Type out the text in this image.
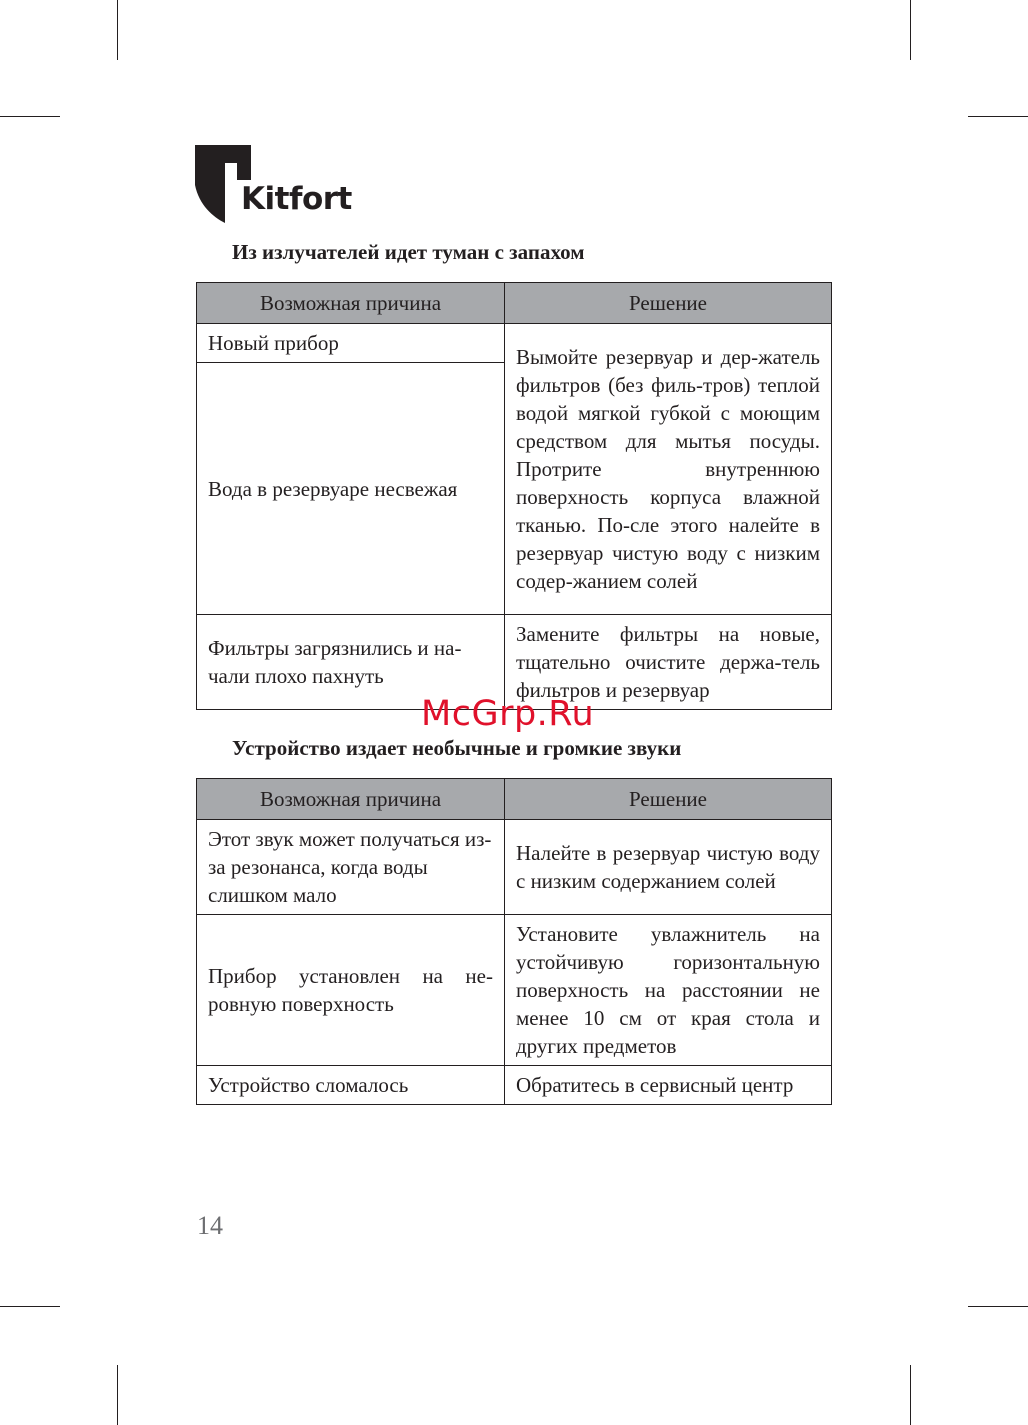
Kitfort
Из излучателей идет туман с запахом
Возможная причина	Решение
Новый прибор	Вымойте резервуар и дер-жатель фильтров (без филь-тров) теплой водой мягкой губкой с моющим средством для мытья посуды. Протрите внутреннюю поверхность корпуса влажной тканью. По-сле этого налейте в резервуар чистую воду с низким содер-жанием солей
Вода в резервуаре несвежая	
Фильтры загрязнились и на-чали плохо пахнуть	Замените фильтры на новые, тщательно очистите держа-тель фильтров и резервуар
Устройство издает необычные и громкие звуки
Возможная причина	Решение
Этот звук может получаться из-за резонанса, когда воды слишком мало	Налейте в резервуар чистую воду с низким содержанием солей
Прибор установлен на не-ровную поверхность	Установите увлажнитель на устойчивую горизонтальную поверхность на расстоянии не менее 10 см от края стола и других предметов
Устройство сломалось	Обратитесь в сервисный центр
McGrp.Ru
14
